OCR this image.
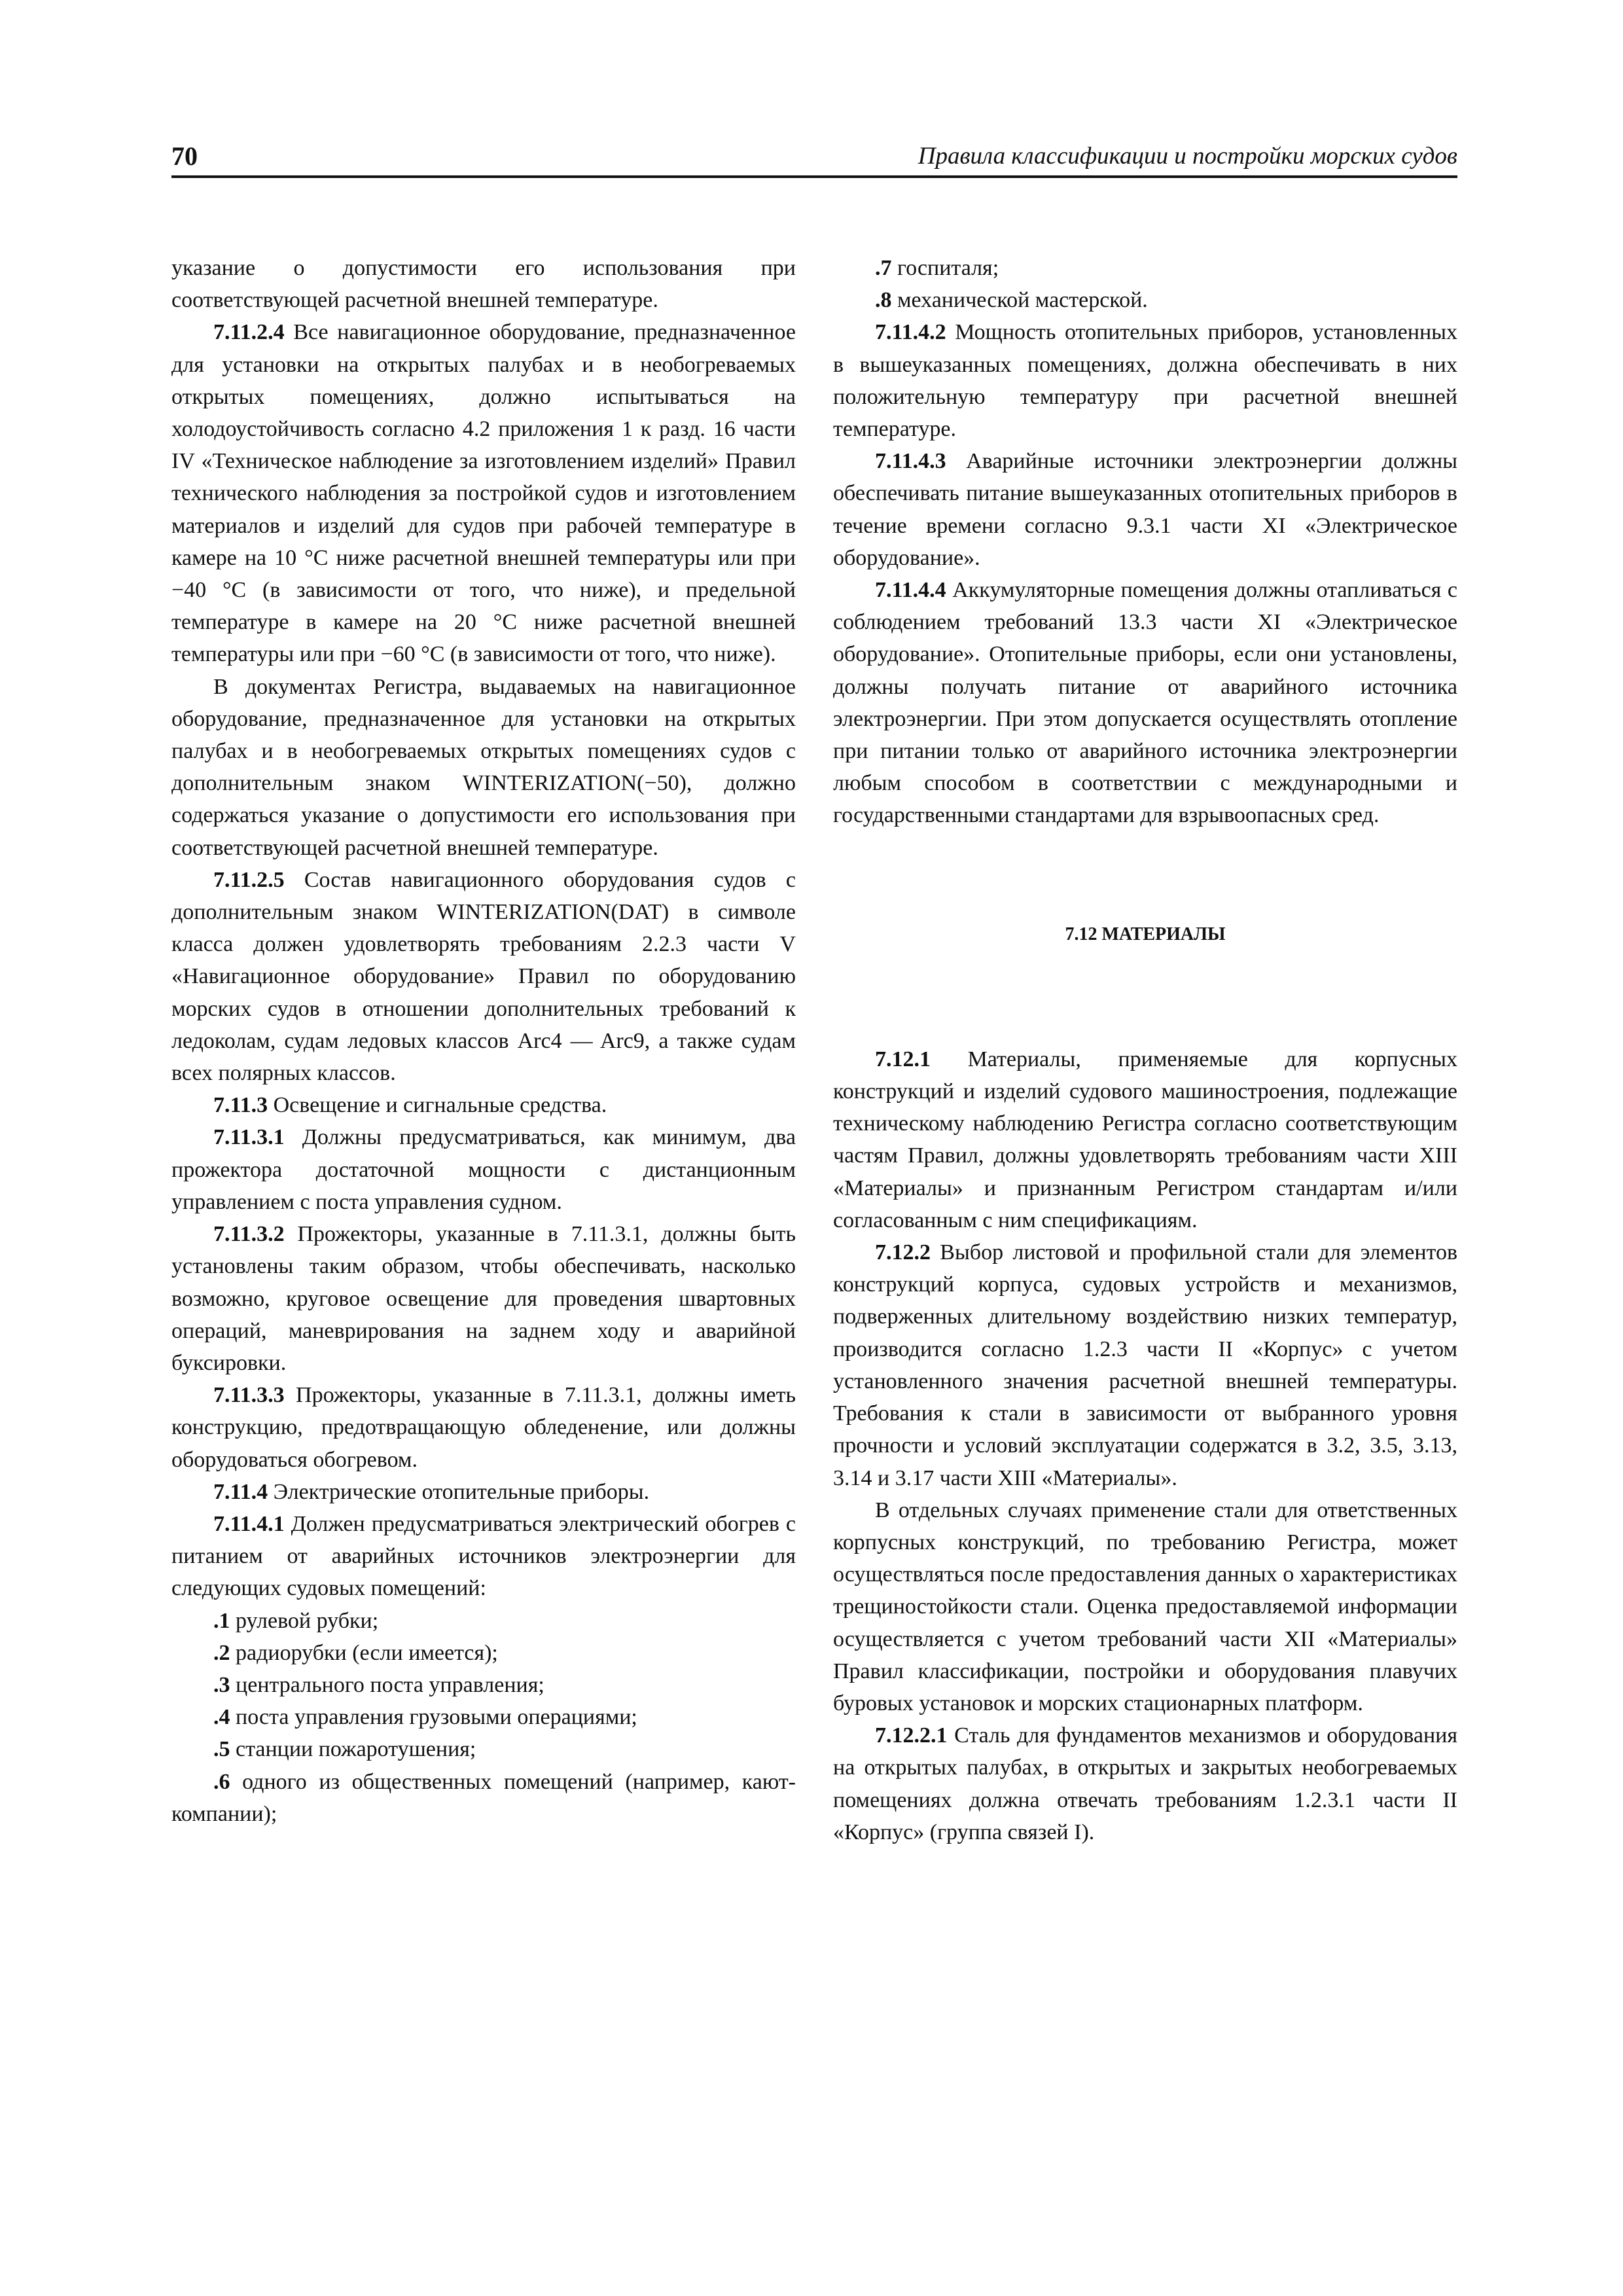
70	Правила классификации и постройки морских судов

указание о допустимости его использования при соответствующей расчетной внешней температуре.

7.11.2.4 Все навигационное оборудование, предназначенное для установки на открытых палубах и в необогреваемых открытых помещениях, должно испытываться на холодоустойчивость согласно 4.2 приложения 1 к разд. 16 части IV «Техническое наблюдение за изготовлением изделий» Правил технического наблюдения за постройкой судов и изготовлением материалов и изделий для судов при рабочей температуре в камере на 10 °С ниже расчетной внешней температуры или при −40 °С (в зависимости от того, что ниже), и предельной температуре в камере на 20 °С ниже расчетной внешней температуры или при −60 °С (в зависимости от того, что ниже).

В документах Регистра, выдаваемых на навигационное оборудование, предназначенное для установки на открытых палубах и в необогреваемых открытых помещениях судов с дополнительным знаком WINTERIZATION(−50), должно содержаться указание о допустимости его использования при соответствующей расчетной внешней температуре.

7.11.2.5 Состав навигационного оборудования судов с дополнительным знаком WINTERIZATION(DAT) в символе класса должен удовлетворять требованиям 2.2.3 части V «Навигационное оборудование» Правил по оборудованию морских судов в отношении дополнительных требований к ледоколам, судам ледовых классов Arc4 — Arc9, а также судам всех полярных классов.

7.11.3 Освещение и сигнальные средства.

7.11.3.1 Должны предусматриваться, как минимум, два прожектора достаточной мощности с дистанционным управлением с поста управления судном.

7.11.3.2 Прожекторы, указанные в 7.11.3.1, должны быть установлены таким образом, чтобы обеспечивать, насколько возможно, круговое освещение для проведения швартовных операций, маневрирования на заднем ходу и аварийной буксировки.

7.11.3.3 Прожекторы, указанные в 7.11.3.1, должны иметь конструкцию, предотвращающую обледенение, или должны оборудоваться обогревом.

7.11.4 Электрические отопительные приборы.

7.11.4.1 Должен предусматриваться электрический обогрев с питанием от аварийных источников электроэнергии для следующих судовых помещений:

.1 рулевой рубки;

.2 радиорубки (если имеется);

.3 центрального поста управления;

.4 поста управления грузовыми операциями;

.5 станции пожаротушения;

.6 одного из общественных помещений (например, кают-компании);

.7 госпиталя;

.8 механической мастерской.

7.11.4.2 Мощность отопительных приборов, установленных в вышеуказанных помещениях, должна обеспечивать в них положительную температуру при расчетной внешней температуре.

7.11.4.3 Аварийные источники электроэнергии должны обеспечивать питание вышеуказанных отопительных приборов в течение времени согласно 9.3.1 части XI «Электрическое оборудование».

7.11.4.4 Аккумуляторные помещения должны отапливаться с соблюдением требований 13.3 части XI «Электрическое оборудование». Отопительные приборы, если они установлены, должны получать питание от аварийного источника электроэнергии. При этом допускается осуществлять отопление при питании только от аварийного источника электроэнергии любым способом в соответствии с международными и государственными стандартами для взрывоопасных сред.

7.12 МАТЕРИАЛЫ

7.12.1 Материалы, применяемые для корпусных конструкций и изделий судового машиностроения, подлежащие техническому наблюдению Регистра согласно соответствующим частям Правил, должны удовлетворять требованиям части XIII «Материалы» и признанным Регистром стандартам и/или согласованным с ним спецификациям.

7.12.2 Выбор листовой и профильной стали для элементов конструкций корпуса, судовых устройств и механизмов, подверженных длительному воздействию низких температур, производится согласно 1.2.3 части II «Корпус» с учетом установленного значения расчетной внешней температуры. Требования к стали в зависимости от выбранного уровня прочности и условий эксплуатации содержатся в 3.2, 3.5, 3.13, 3.14 и 3.17 части XIII «Материалы».

В отдельных случаях применение стали для ответственных корпусных конструкций, по требованию Регистра, может осуществляться после предоставления данных о характеристиках трещиностойкости стали. Оценка предоставляемой информации осуществляется с учетом требований части XII «Материалы» Правил классификации, постройки и оборудования плавучих буровых установок и морских стационарных платформ.

7.12.2.1 Сталь для фундаментов механизмов и оборудования на открытых палубах, в открытых и закрытых необогреваемых помещениях должна отвечать требованиям 1.2.3.1 части II «Корпус» (группа связей I).
